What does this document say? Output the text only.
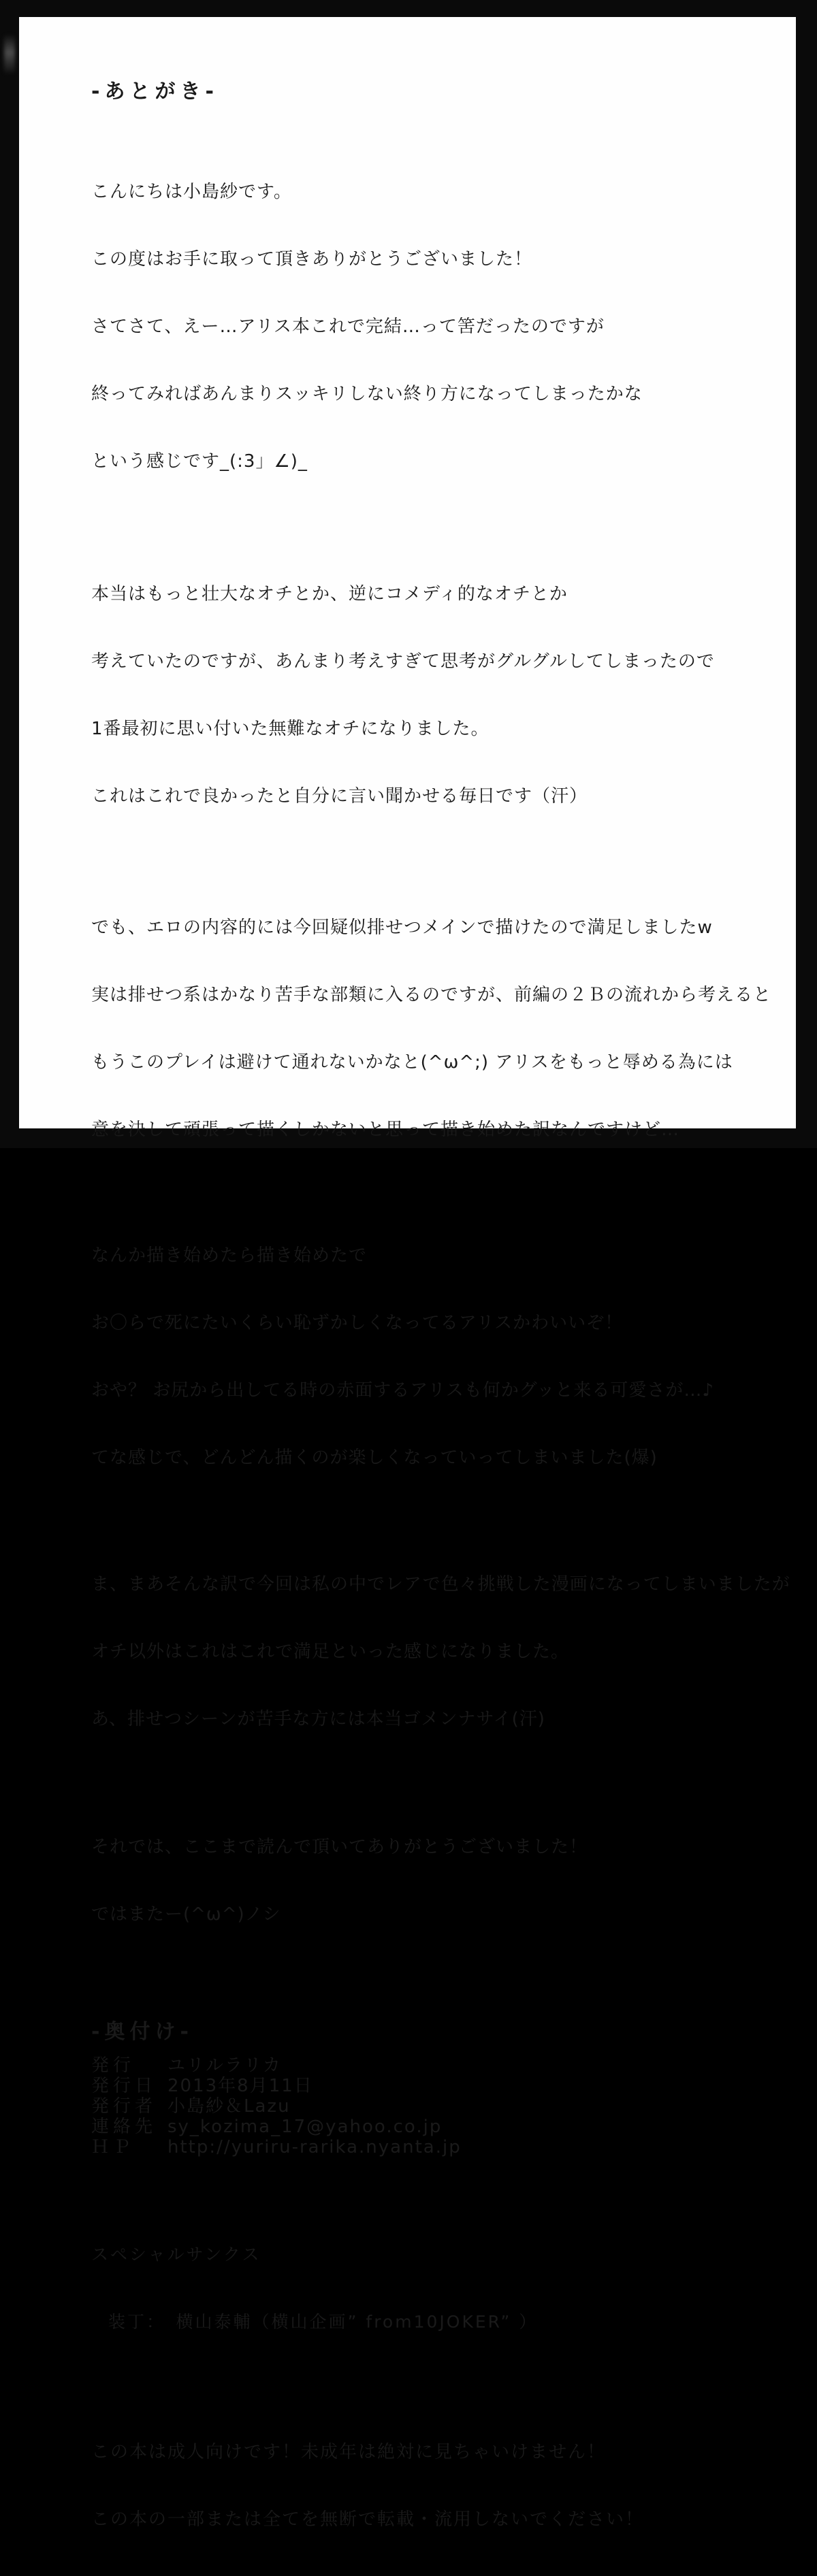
-あとがき-

こんにちは小島紗です。

この度はお手に取って頂きありがとうございました！

さてさて、えー…アリス本これで完結…って筈だったのですが

終ってみればあんまりスッキリしない終り方になってしまったかな

という感じです_(:3」∠)_

本当はもっと壮大なオチとか、逆にコメディ的なオチとか

考えていたのですが、あんまり考えすぎて思考がグルグルしてしまったので

1番最初に思い付いた無難なオチになりました。

これはこれで良かったと自分に言い聞かせる毎日です（汗）

でも、エロの内容的には今回疑似排せつメインで描けたので満足しましたw

実は排せつ系はかなり苦手な部類に入るのですが、前編の２Ｂの流れから考えると

もうこのプレイは避けて通れないかなと(^ω^;) アリスをもっと辱める為には

意を決して頑張って描くしかないと思って描き始めた訳なんですけど…

なんか描き始めたら描き始めたで

お〇らで死にたいくらい恥ずかしくなってるアリスかわいいぞ！

おや？ お尻から出してる時の赤面するアリスも何かグッと来る可愛さが…♪

てな感じで、どんどん描くのが楽しくなっていってしまいました(爆)

ま、まあそんな訳で今回は私の中でレアで色々挑戦した漫画になってしまいましたが

オチ以外はこれはこれで満足といった感じになりました。

あ、排せつシーンが苦手な方には本当ゴメンナサイ(汗)

それでは、ここまで読んで頂いてありがとうございました！

ではまたー(^ω^)ノシ

-奥付け-
発行	ユリルラリカ
発行日 2013年8月11日
発行者 小島紗＆Lazu
連絡先 sy_kozima_17@yahoo.co.jp
ＨＰ	http://yuriru-rarika.nyanta.jp

スペシャルサンクス

装丁：　横山泰輔（横山企画” from10JOKER” ）

この本は成人向けです！未成年は絶対に見ちゃいけません！

この本の一部または全てを無断で転載・流用しないでください！
